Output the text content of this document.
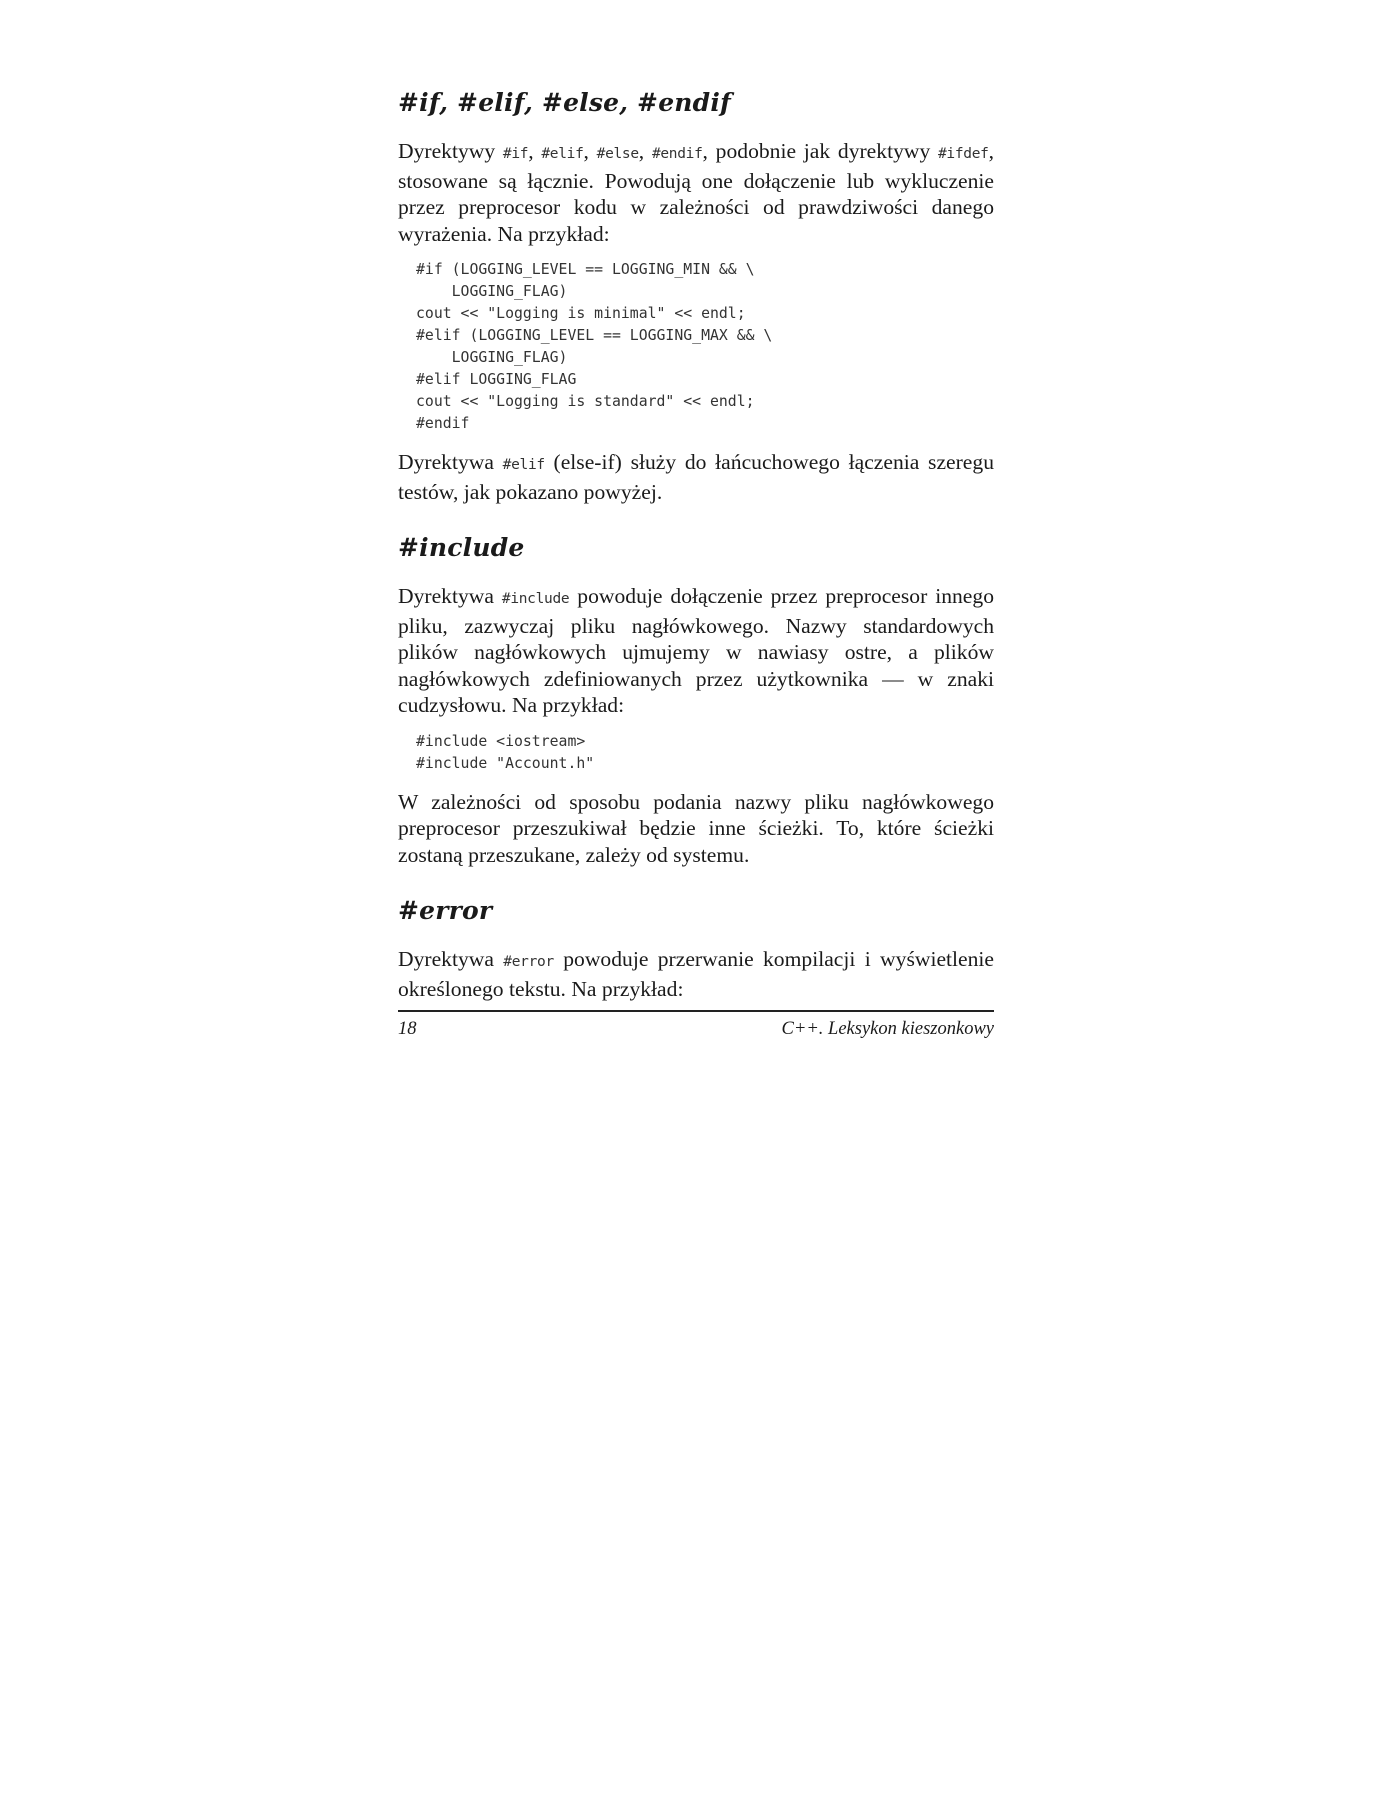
#if, #elif, #else, #endif

Dyrektywy #if, #elif, #else, #endif, podobnie jak dyrektywy #ifdef, stosowane są łącznie. Powodują one dołączenie lub wykluczenie przez preprocesor kodu w zależności od prawdziwości danego wyrażenia. Na przykład:

#if (LOGGING_LEVEL == LOGGING_MIN && \
LOGGING_FLAG)
cout << "Logging is minimal" << endl;
#elif (LOGGING_LEVEL == LOGGING_MAX && \
LOGGING_FLAG)
#elif LOGGING_FLAG
cout << "Logging is standard" << endl;
#endif

Dyrektywa #elif (else-if) służy do łańcuchowego łączenia szeregu testów, jak pokazano powyżej.

#include

Dyrektywa #include powoduje dołączenie przez preprocesor innego pliku, zazwyczaj pliku nagłówkowego. Nazwy standardowych plików nagłówkowych ujmujemy w nawiasy ostre, a plików nagłówkowych zdefiniowanych przez użytkownika — w znaki cudzysłowu. Na przykład:

#include <iostream>
#include "Account.h"

W zależności od sposobu podania nazwy pliku nagłówkowego preprocesor przeszukiwał będzie inne ścieżki. To, które ścieżki zostaną przeszukane, zależy od systemu.

#error

Dyrektywa #error powoduje przerwanie kompilacji i wyświetlenie określonego tekstu. Na przykład:

18	C++. Leksykon kieszonkowy
